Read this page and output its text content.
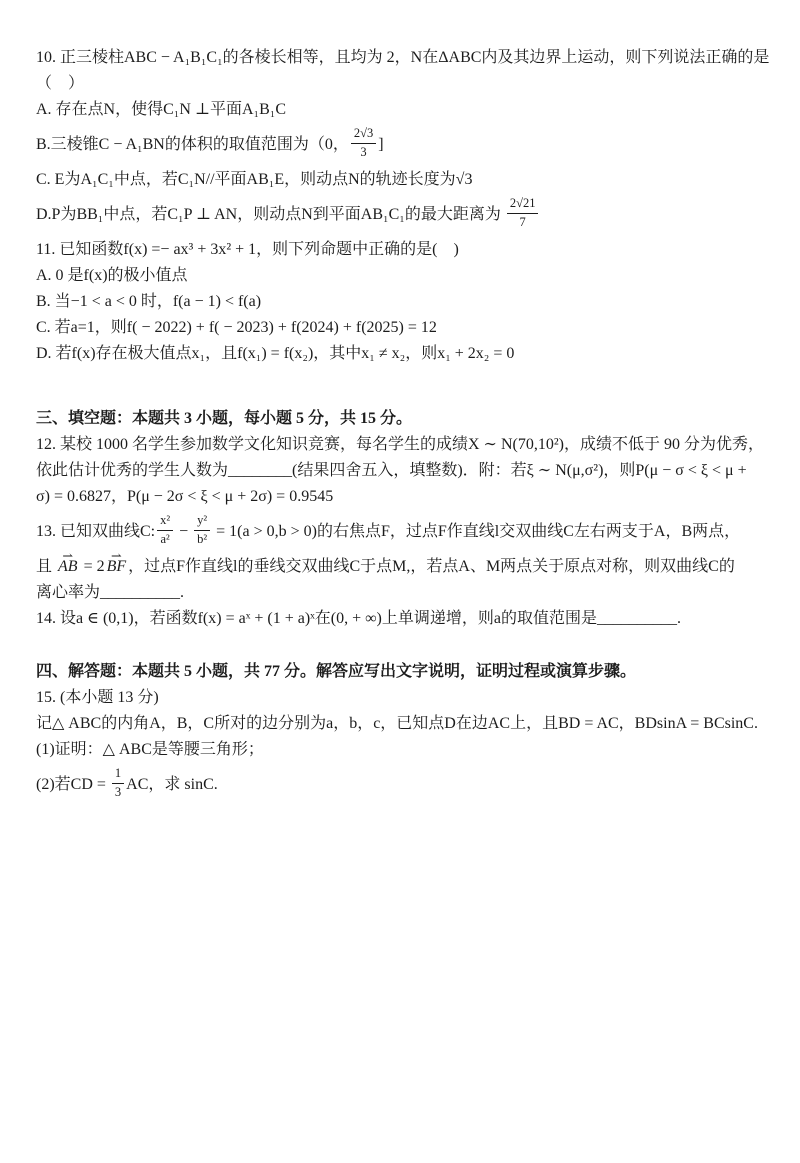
10. 正三棱柱ABC − A₁B₁C₁的各棱长相等，且均为 2，N在ΔABC内及其边界上运动，则下列说法正确的是

（　）

A. 存在点N，使得C₁N ⊥平面A₁B₁C

B.三棱锥C − A₁BN的体积的取值范围为（0， $\frac{2√3}{3}$ ]

C. E为A₁C₁中点，若C₁N//平面AB₁E，则动点N的轨迹长度为√3

D.P为BB₁中点，若C₁P ⊥ AN，则动点N到平面AB₁C₁的最大距离为 $\frac{2√21}{7}$

11. 已知函数f(x) =− ax³ + 3x² + 1，则下列命题中正确的是(　)

A. 0 是f(x)的极小值点

B. 当−1 < a < 0 时，f(a − 1) < f(a)

C. 若a=1，则f( − 2022) + f( − 2023) + f(2024) + f(2025) = 12

D. 若f(x)存在极大值点x₁，且f(x₁) = f(x₂)，其中x₁ ≠ x₂，则x₁ + 2x₂ = 0

三、填空题：本题共 3 小题，每小题 5 分，共 15 分。

12. 某校 1000 名学生参加数学文化知识竞赛，每名学生的成绩X ∼ N(70,10²)，成绩不低于 90 分为优秀，

依此估计优秀的学生人数为________(结果四舍五入，填整数)．附：若ξ ∼ N(μ,σ²)，则P(μ − σ < ξ < μ +

σ) = 0.6827，P(μ − 2σ < ξ < μ + 2σ) = 0.9545

13. 已知双曲线C: $\frac{\text{x²}}{\text{a²}} - \frac{\text{y²}}{\text{b²}} = 1(a > 0,b > 0)$的右焦点F，过点F作直线l交双曲线C左右两支于A，B两点，

且 ⇀ AB = 2 ⇀ BF ，过点F作直线l的垂线交双曲线C于点M,，若点A、M两点关于原点对称，则双曲线C的

离心率为__________.

14. 设a ∈ (0,1)，若函数f(x) = aˣ + (1 + a)ˣ在(0, + ∞)上单调递增，则a的取值范围是__________.

四、解答题：本题共 5 小题，共 77 分。解答应写出文字说明，证明过程或演算步骤。

15. (本小题 13 分)

记△ ABC的内角A，B，C所对的边分别为a，b，c，已知点D在边AC上，且BD = AC，BDsinA = BCsinC.

(1)证明：△ ABC是等腰三角形；

(2)若CD = $\frac{1}{3}$ AC，求 sinC.
